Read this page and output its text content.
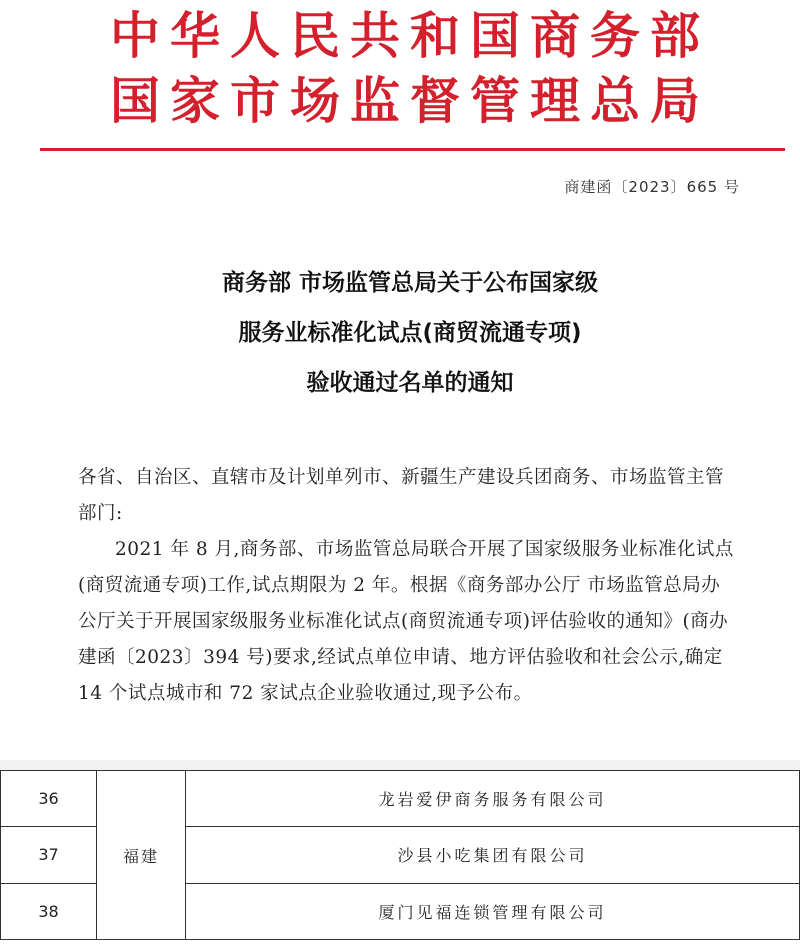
中华人民共和国商务部
国家市场监督管理总局
商建函〔2023〕665 号
商务部 市场监管总局关于公布国家级
服务业标准化试点(商贸流通专项)
验收通过名单的通知

各省、自治区、直辖市及计划单列市、新疆生产建设兵团商务、市场监管主管部门:

2021 年 8 月,商务部、市场监管总局联合开展了国家级服务业标准化试点(商贸流通专项)工作,试点期限为 2 年。根据《商务部办公厅 市场监管总局办公厅关于开展国家级服务业标准化试点(商贸流通专项)评估验收的通知》(商办建函〔2023〕394 号)要求,经试点单位申请、地方评估验收和社会公示,确定 14 个试点城市和 72 家试点企业验收通过,现予公布。

36	福建	龙岩爱伊商务服务有限公司
37		沙县小吃集团有限公司
38		厦门见福连锁管理有限公司
